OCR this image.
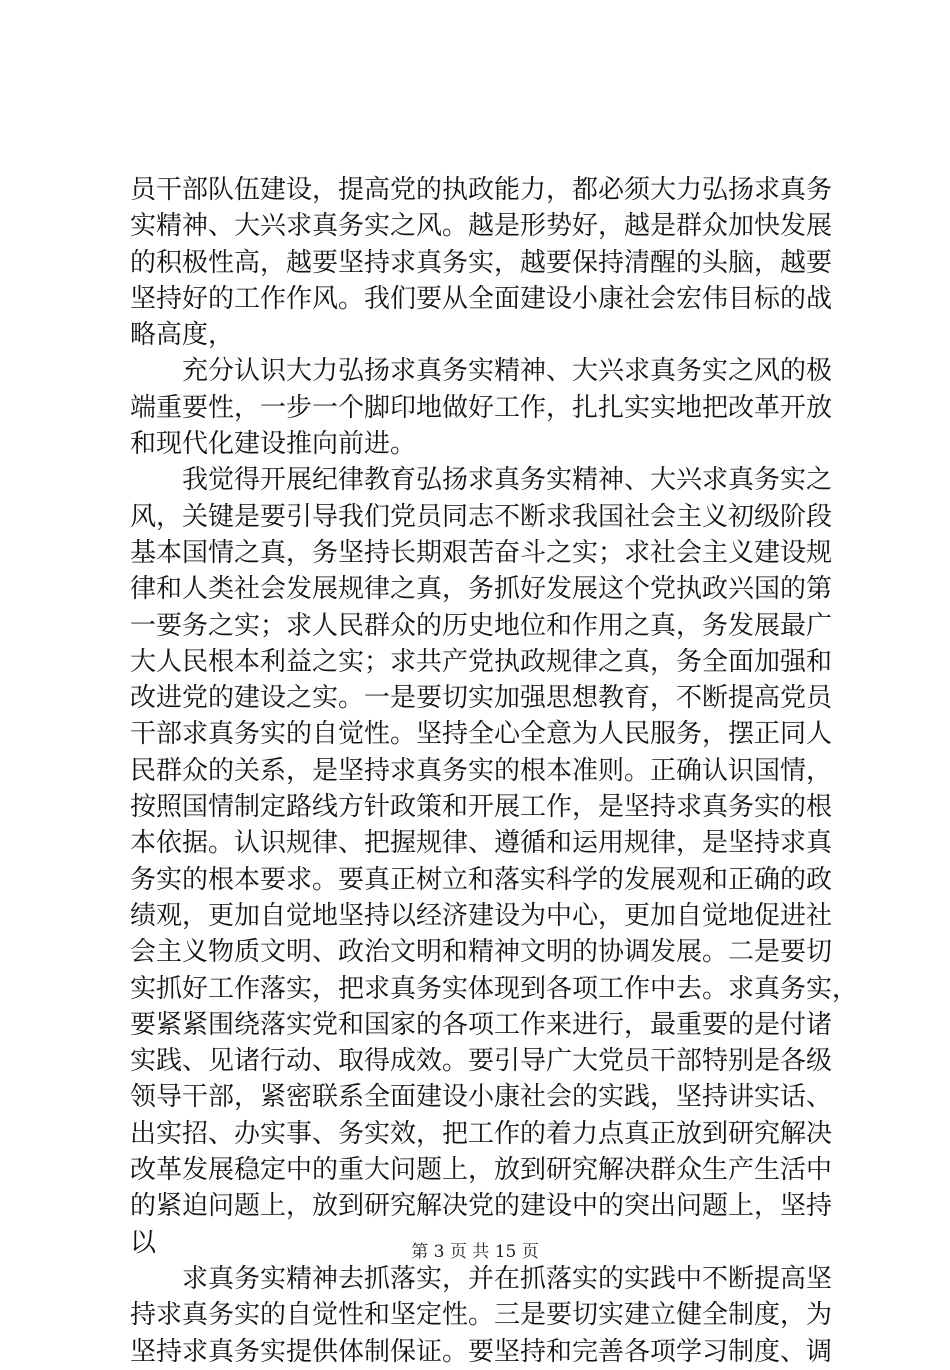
员干部队伍建设，提高党的执政能力，都必须大力弘扬求真务
实精神、大兴求真务实之风。越是形势好，越是群众加快发展
的积极性高，越要坚持求真务实，越要保持清醒的头脑，越要
坚持好的工作作风。我们要从全面建设小康社会宏伟目标的战
略高度，
充分认识大力弘扬求真务实精神、大兴求真务实之风的极
端重要性，一步一个脚印地做好工作，扎扎实实地把改革开放
和现代化建设推向前进。
我觉得开展纪律教育弘扬求真务实精神、大兴求真务实之
风，关键是要引导我们党员同志不断求我国社会主义初级阶段
基本国情之真，务坚持长期艰苦奋斗之实；求社会主义建设规
律和人类社会发展规律之真，务抓好发展这个党执政兴国的第
一要务之实；求人民群众的历史地位和作用之真，务发展最广
大人民根本利益之实；求共产党执政规律之真，务全面加强和
改进党的建设之实。一是要切实加强思想教育，不断提高党员
干部求真务实的自觉性。坚持全心全意为人民服务，摆正同人
民群众的关系，是坚持求真务实的根本准则。正确认识国情，
按照国情制定路线方针政策和开展工作，是坚持求真务实的根
本依据。认识规律、把握规律、遵循和运用规律，是坚持求真
务实的根本要求。要真正树立和落实科学的发展观和正确的政
绩观，更加自觉地坚持以经济建设为中心，更加自觉地促进社
会主义物质文明、政治文明和精神文明的协调发展。二是要切
实抓好工作落实，把求真务实体现到各项工作中去。求真务实，
要紧紧围绕落实党和国家的各项工作来进行，最重要的是付诸
实践、见诸行动、取得成效。要引导广大党员干部特别是各级
领导干部，紧密联系全面建设小康社会的实践，坚持讲实话、
出实招、办实事、务实效，把工作的着力点真正放到研究解决
改革发展稳定中的重大问题上，放到研究解决群众生产生活中
的紧迫问题上，放到研究解决党的建设中的突出问题上，坚持
以
求真务实精神去抓落实，并在抓落实的实践中不断提高坚
持求真务实的自觉性和坚定性。三是要切实建立健全制度，为
坚持求真务实提供体制保证。要坚持和完善各项学习制度、调
第 3 页 共 15 页
